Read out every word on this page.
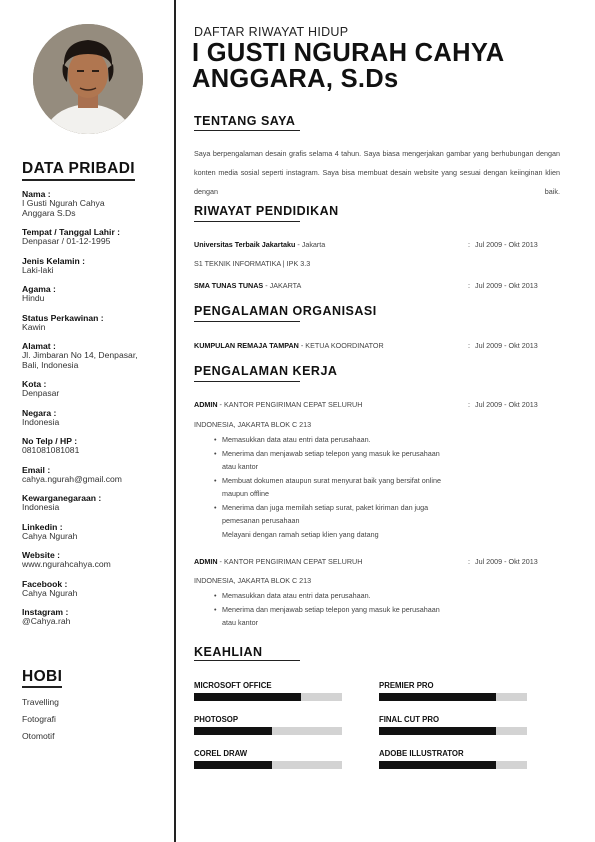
DATA PRIBADI
Nama :
I Gusti Ngurah Cahya
Anggara S.Ds
Tempat / Tanggal Lahir :
Denpasar / 01-12-1995
Jenis Kelamin :
Laki-laki
Agama :
Hindu
Status Perkawinan :
Kawin
Alamat :
Jl. Jimbaran No 14, Denpasar,
Bali, Indonesia
Kota :
Denpasar
Negara :
Indonesia
No Telp / HP :
081081081081
Email :
cahya.ngurah@gmail.com
Kewarganegaraan :
Indonesia
Linkedin :
Cahya Ngurah
Website :
www.ngurahcahya.com
Facebook :
Cahya Ngurah
Instagram :
@Cahya.rah
HOBI
Travelling
Fotografi
Otomotif
DAFTAR RIWAYAT HIDUP
I GUSTI NGURAH CAHYA
ANGGARA, S.Ds
TENTANG SAYA
Saya berpengalaman desain grafis selama 4 tahun. Saya biasa mengerjakan gambar yang berhubungan dengan konten media sosial seperti instagram. Saya bisa membuat desain website yang sesuai dengan keiinginan klien dengan baik.
RIWAYAT PENDIDIKAN
Universitas Terbaik Jakartaku - Jakarta	: Jul 2009 - Okt 2013
S1 TEKNIK INFORMATIKA | IPK 3.3
SMA TUNAS TUNAS - JAKARTA	: Jul 2009 - Okt 2013
PENGALAMAN ORGANISASI
KUMPULAN REMAJA TAMPAN - KETUA KOORDINATOR	: Jul 2009 - Okt 2013
PENGALAMAN KERJA
ADMIN - KANTOR PENGIRIMAN CEPAT SELURUH	: Jul 2009 - Okt 2013
INDONESIA, JAKARTA BLOK C 213
• Memasukkan data atau entri data perusahaan.
• Menerima dan menjawab setiap telepon yang masuk ke perusahaan
atau kantor
• Membuat dokumen ataupun surat menyurat baik yang bersifat online
maupun offline
• Menerima dan juga memilah setiap surat, paket kiriman dan juga
pemesanan perusahaan
Melayani dengan ramah setiap klien yang datang
ADMIN - KANTOR PENGIRIMAN CEPAT SELURUH	: Jul 2009 - Okt 2013
INDONESIA, JAKARTA BLOK C 213
• Memasukkan data atau entri data perusahaan.
• Menerima dan menjawab setiap telepon yang masuk ke perusahaan
atau kantor
KEAHLIAN
MICROSOFT OFFICE	PREMIER PRO
PHOTOSOP	FINAL CUT PRO
COREL DRAW	ADOBE ILLUSTRATOR
